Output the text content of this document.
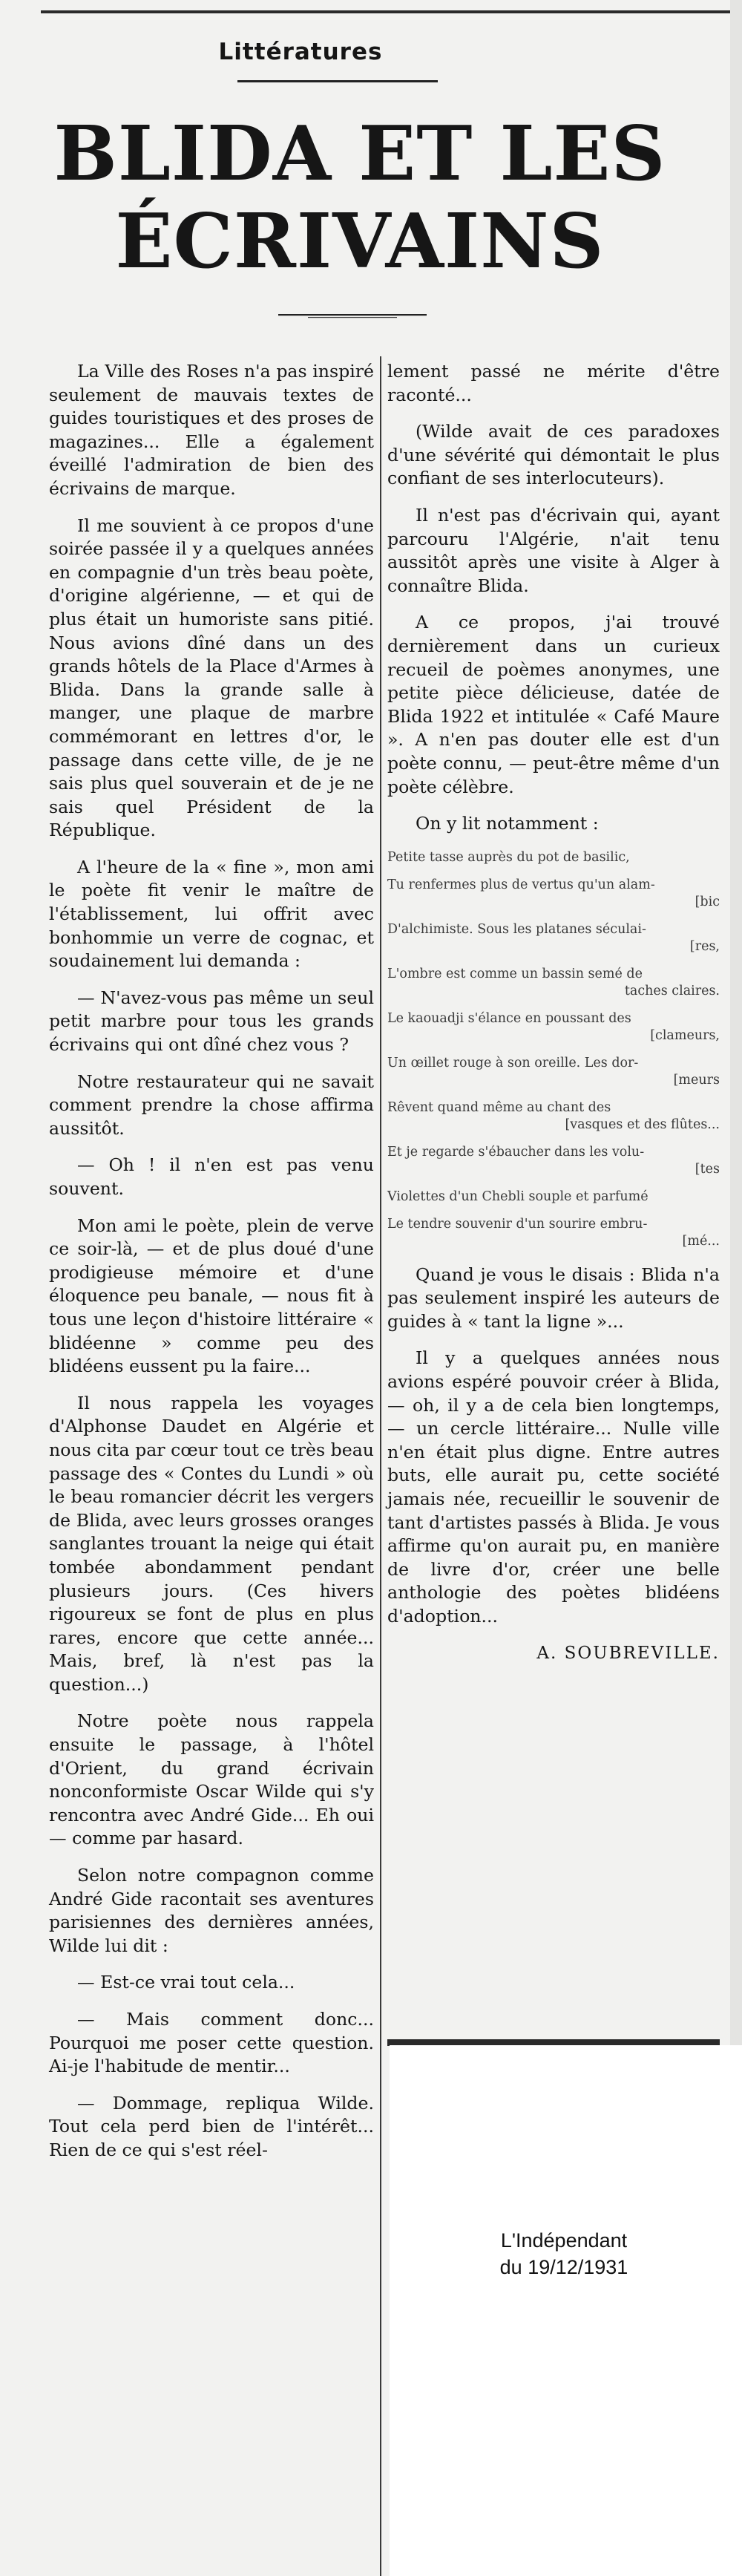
Littératures
BLIDA ET LES
ÉCRIVAINS

La Ville des Roses n'a pas inspiré seulement de mauvais textes de guides touristiques et des proses de magazines... Elle a également éveillé l'admiration de bien des écrivains de marque.

Il me souvient à ce propos d'une soirée passée il y a quelques années en compagnie d'un très beau poète, d'origine algérienne, — et qui de plus était un humoriste sans pitié. Nous avions dîné dans un des grands hôtels de la Place d'Armes à Blida. Dans la grande salle à manger, une plaque de marbre commémorant en lettres d'or, le passage dans cette ville, de je ne sais plus quel souverain et de je ne sais quel Président de la République.

A l'heure de la « fine », mon ami le poète fit venir le maître de l'établissement, lui offrit avec bonhommie un verre de cognac, et soudainement lui demanda :

— N'avez-vous pas même un seul petit marbre pour tous les grands écrivains qui ont dîné chez vous ?

Notre restaurateur qui ne savait comment prendre la chose affirma aussitôt.

— Oh ! il n'en est pas venu souvent.

Mon ami le poète, plein de verve ce soir-là, — et de plus doué d'une prodigieuse mémoire et d'une éloquence peu banale, — nous fit à tous une leçon d'histoire littéraire « blidéenne » comme peu des blidéens eussent pu la faire...

Il nous rappela les voyages d'Alphonse Daudet en Algérie et nous cita par cœur tout ce très beau passage des « Contes du Lundi » où le beau romancier décrit les vergers de Blida, avec leurs grosses oranges sanglantes trouant la neige qui était tombée abondamment pendant plusieurs jours. (Ces hivers rigoureux se font de plus en plus rares, encore que cette année... Mais, bref, là n'est pas la question...)

Notre poète nous rappela ensuite le passage, à l'hôtel d'Orient, du grand écrivain nonconformiste Oscar Wilde qui s'y rencontra avec André Gide... Eh oui — comme par hasard.

Selon notre compagnon comme André Gide racontait ses aventures parisiennes des dernières années, Wilde lui dit :

— Est-ce vrai tout cela...

— Mais comment donc... Pourquoi me poser cette question. Ai-je l'habitude de mentir...

— Dommage, repliqua Wilde. Tout cela perd bien de l'intérêt... Rien de ce qui s'est réel-

lement passé ne mérite d'être raconté...

(Wilde avait de ces paradoxes d'une sévérité qui démontait le plus confiant de ses interlocuteurs).

Il n'est pas d'écrivain qui, ayant parcouru l'Algérie, n'ait tenu aussitôt après une visite à Alger à connaître Blida.

A ce propos, j'ai trouvé dernièrement dans un curieux recueil de poèmes anonymes, une petite pièce délicieuse, datée de Blida 1922 et intitulée « Café Maure ». A n'en pas douter elle est d'un poète connu, — peut-être même d'un poète célèbre.

On y lit notamment :

Petite tasse auprès du pot de basilic,

Tu renfermes plus de vertus qu'un alam-
[bic

D'alchimiste. Sous les platanes séculai-
[res,

L'ombre est comme un bassin semé de
taches claires.

Le kaouadji s'élance en poussant des
[clameurs,

Un œillet rouge à son oreille. Les dor-
[meurs

Rêvent quand même au chant des
[vasques et des flûtes...

Et je regarde s'ébaucher dans les volu-
[tes

Violettes d'un Chebli souple et parfumé

Le tendre souvenir d'un sourire embru-
[mé...

Quand je vous le disais : Blida n'a pas seulement inspiré les auteurs de guides à « tant la ligne »...

Il y a quelques années nous avions espéré pouvoir créer à Blida, — oh, il y a de cela bien longtemps, — un cercle littéraire... Nulle ville n'en était plus digne. Entre autres buts, elle aurait pu, cette société jamais née, recueillir le souvenir de tant d'artistes passés à Blida. Je vous affirme qu'on aurait pu, en manière de livre d'or, créer une belle anthologie des poètes blidéens d'adoption...

A. SOUBREVILLE.

L'Indépendant
du 19/12/1931
